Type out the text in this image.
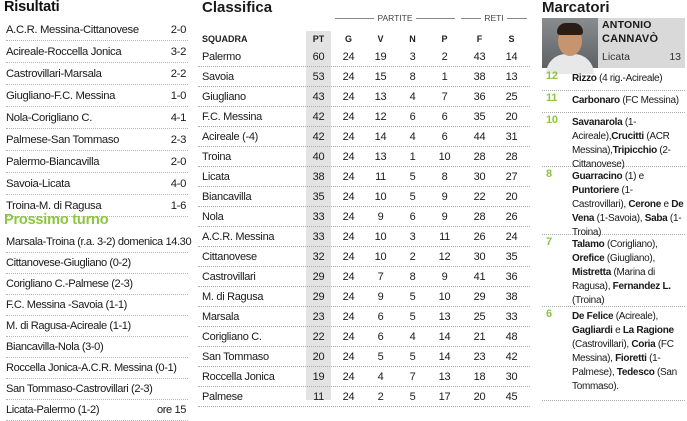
Risultati
A.C.R. Messina-Cittanovese	2-0
Acireale-Roccella Jonica	3-2
Castrovillari-Marsala	2-2
Giugliano-F.C. Messina	1-0
Nola-Corigliano C.	4-1
Palmese-San Tommaso	2-3
Palermo-Biancavilla	2-0
Savoia-Licata	4-0
Troina-M. di Ragusa	1-6
Prossimo turno
Marsala-Troina (r.a. 3-2) domenica 14.30
Cittanovese-Giugliano (0-2)
Corigliano C.-Palmese (2-3)
F.C. Messina -Savoia (1-1)
M. di Ragusa-Acireale (1-1)
Biancavilla-Nola (3-0)
Roccella Jonica-A.C.R. Messina (0-1)
San Tommaso-Castrovillari (2-3)
Licata-Palermo (1-2)	ore 15
Classifica
PARTITE	RETI
SQUADRA	PT	G	V	N	P	F	S
Palermo	60	24	19	3	2	43	14
Savoia	53	24	15	8	1	38	13
Giugliano	43	24	13	4	7	36	25
F.C. Messina	42	24	12	6	6	35	20
Acireale (-4)	42	24	14	4	6	44	31
Troina	40	24	13	1	10	28	28
Licata	38	24	11	5	8	30	27
Biancavilla	35	24	10	5	9	22	20
Nola	33	24	9	6	9	28	26
A.C.R. Messina	33	24	10	3	11	26	24
Cittanovese	32	24	10	2	12	30	35
Castrovillari	29	24	7	8	9	41	36
M. di Ragusa	29	24	9	5	10	29	38
Marsala	23	24	6	5	13	25	33
Corigliano C.	22	24	6	4	14	21	48
San Tommaso	20	24	5	5	14	23	42
Roccella Jonica	19	24	4	7	13	18	30
Palmese	11	24	2	5	17	20	45
Marcatori
ANTONIO
CANNAVÒ
Licata	13
12 Rizzo (4 rig.-Acireale)
11 Carbonaro (FC Messina)
10 Savanarola (1-Acireale),Crucitti (ACR Messina),Tripicchio (2-Cittanovese)
8 Guarracino (1) e Puntoriere (1-Castrovillari), Cerone e De Vena (1-Savoia), Saba (1-Troina)
7 Talamo (Corigliano), Orefice (Giugliano), Mistretta (Marina di Ragusa), Fernandez L. (Troina)
6 De Felice (Acireale), Gagliardi e La Ragione (Castrovillari), Coria (FC Messina), Fioretti (1-Palmese), Tedesco (San Tommaso).
